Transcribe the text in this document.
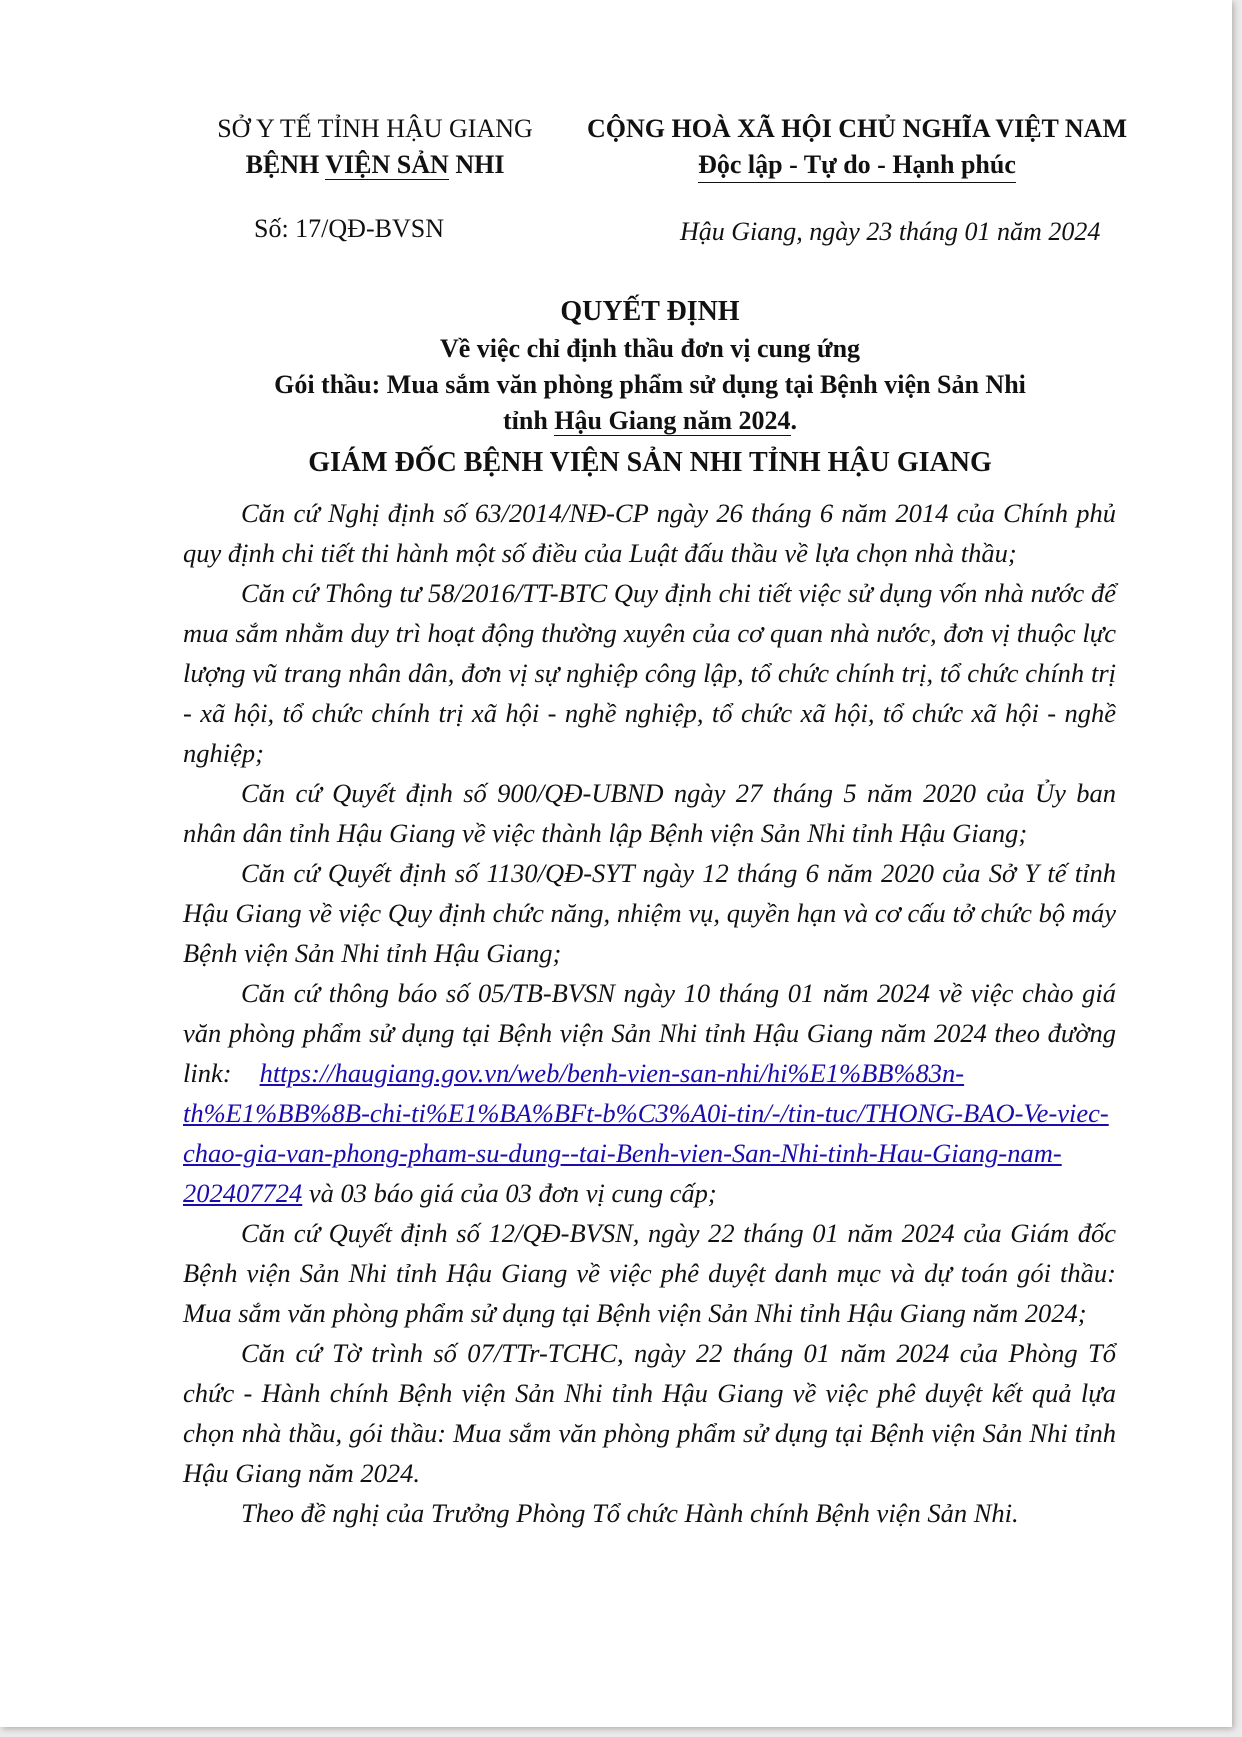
SỞ Y TẾ TỈNH HẬU GIANG
BỆNH VIỆN SẢN NHI
CỘNG HOÀ XÃ HỘI CHỦ NGHĨA VIỆT NAM
Độc lập - Tự do - Hạnh phúc
Số: 17/QĐ-BVSN	Hậu Giang, ngày 23 tháng 01 năm 2024
QUYẾT ĐỊNH
Về việc chỉ định thầu đơn vị cung ứng
Gói thầu: Mua sắm văn phòng phẩm sử dụng tại Bệnh viện Sản Nhi
tỉnh Hậu Giang năm 2024.
GIÁM ĐỐC BỆNH VIỆN SẢN NHI TỈNH HẬU GIANG

Căn cứ Nghị định số 63/2014/NĐ-CP ngày 26 tháng 6 năm 2014 của Chính phủ quy định chi tiết thi hành một số điều của Luật đấu thầu về lựa chọn nhà thầu;

Căn cứ Thông tư 58/2016/TT-BTC Quy định chi tiết việc sử dụng vốn nhà nước để mua sắm nhằm duy trì hoạt động thường xuyên của cơ quan nhà nước, đơn vị thuộc lực lượng vũ trang nhân dân, đơn vị sự nghiệp công lập, tổ chức chính trị, tổ chức chính trị - xã hội, tổ chức chính trị xã hội - nghề nghiệp, tổ chức xã hội, tổ chức xã hội - nghề nghiệp;

Căn cứ Quyết định số 900/QĐ-UBND ngày 27 tháng 5 năm 2020 của Ủy ban nhân dân tỉnh Hậu Giang về việc thành lập Bệnh viện Sản Nhi tỉnh Hậu Giang;

Căn cứ Quyết định số 1130/QĐ-SYT ngày 12 tháng 6 năm 2020 của Sở Y tế tỉnh Hậu Giang về việc Quy định chức năng, nhiệm vụ, quyền hạn và cơ cấu tở chức bộ máy Bệnh viện Sản Nhi tỉnh Hậu Giang;

Căn cứ thông báo số 05/TB-BVSN ngày 10 tháng 01 năm 2024 về việc chào giá văn phòng phẩm sử dụng tại Bệnh viện Sản Nhi tỉnh Hậu Giang năm 2024 theo đường link: https://haugiang.gov.vn/web/benh-vien-san-nhi/hi%E1%BB%83n-th%E1%BB%8B-chi-ti%E1%BA%BFt-b%C3%A0i-tin/-/tin-tuc/THONG-BAO-Ve-viec-chao-gia-van-phong-pham-su-dung--tai-Benh-vien-San-Nhi-tinh-Hau-Giang-nam-202407724 và 03 báo giá của 03 đơn vị cung cấp;

Căn cứ Quyết định số 12/QĐ-BVSN, ngày 22 tháng 01 năm 2024 của Giám đốc Bệnh viện Sản Nhi tỉnh Hậu Giang về việc phê duyệt danh mục và dự toán gói thầu: Mua sắm văn phòng phẩm sử dụng tại Bệnh viện Sản Nhi tỉnh Hậu Giang năm 2024;

Căn cứ Tờ trình số 07/TTr-TCHC, ngày 22 tháng 01 năm 2024 của Phòng Tổ chức - Hành chính Bệnh viện Sản Nhi tỉnh Hậu Giang về việc phê duyệt kết quả lựa chọn nhà thầu, gói thầu: Mua sắm văn phòng phẩm sử dụng tại Bệnh viện Sản Nhi tỉnh Hậu Giang năm 2024.

Theo đề nghị của Trưởng Phòng Tổ chức Hành chính Bệnh viện Sản Nhi.
